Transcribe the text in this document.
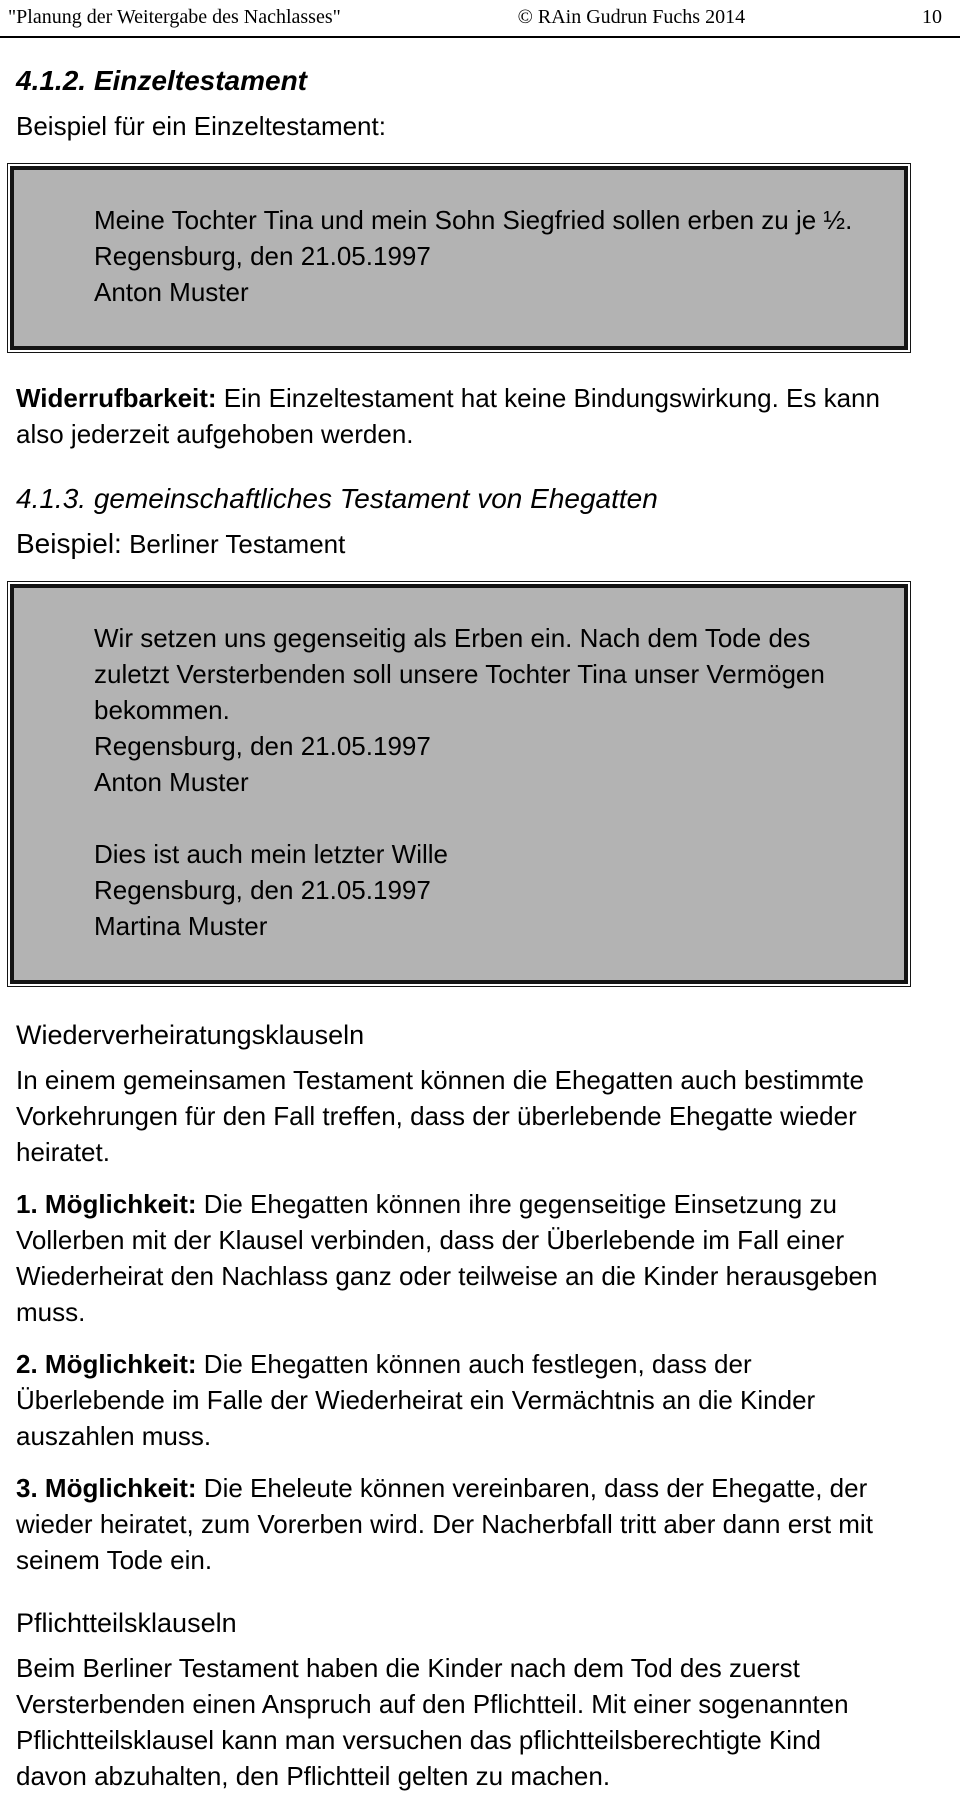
"Planung der Weitergabe des Nachlasses"	© RAin Gudrun Fuchs 2014	10
4.1.2. Einzeltestament

Beispiel für ein Einzeltestament:

Meine Tochter Tina und mein Sohn Siegfried sollen erben zu je ½.
Regensburg, den 21.05.1997
Anton Muster

Widerrufbarkeit: Ein Einzeltestament hat keine Bindungswirkung. Es kann also jederzeit aufgehoben werden.

4.1.3. gemeinschaftliches Testament von Ehegatten

Beispiel: Berliner Testament

Wir setzen uns gegenseitig als Erben ein. Nach dem Tode des zuletzt Versterbenden soll unsere Tochter Tina unser Vermögen bekommen.
Regensburg, den 21.05.1997
Anton Muster
Dies ist auch mein letzter Wille
Regensburg, den 21.05.1997
Martina Muster
Wiederverheiratungsklauseln

In einem gemeinsamen Testament können die Ehegatten auch bestimmte Vorkehrungen für den Fall treffen, dass der überlebende Ehegatte wieder heiratet.

1. Möglichkeit: Die Ehegatten können ihre gegenseitige Einsetzung zu Vollerben mit der Klausel verbinden, dass der Überlebende im Fall einer Wiederheirat den Nachlass ganz oder teilweise an die Kinder herausgeben muss.

2. Möglichkeit: Die Ehegatten können auch festlegen, dass der Überlebende im Falle der Wiederheirat ein Vermächtnis an die Kinder auszahlen muss.

3. Möglichkeit: Die Eheleute können vereinbaren, dass der Ehegatte, der wieder heiratet, zum Vorerben wird. Der Nacherbfall tritt aber dann erst mit seinem Tode ein.

Pflichtteilsklauseln

Beim Berliner Testament haben die Kinder nach dem Tod des zuerst Versterbenden einen Anspruch auf den Pflichtteil. Mit einer sogenannten Pflichtteilsklausel kann man versuchen das pflichtteilsberechtigte Kind davon abzuhalten, den Pflichtteil gelten zu machen.
